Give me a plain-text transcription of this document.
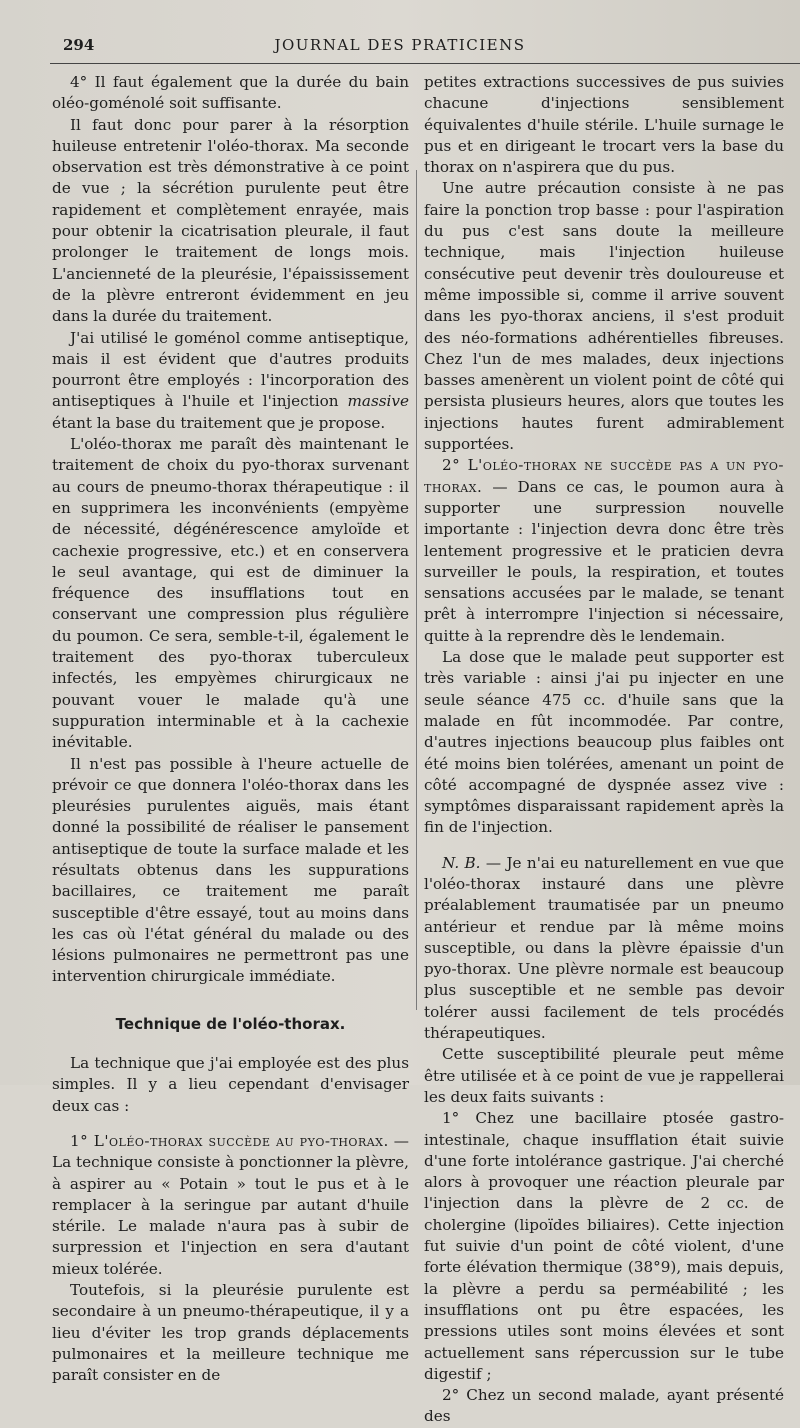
294	JOURNAL DES PRATICIENS

4° Il faut également que la durée du bain oléo-goménolé soit suffisante.

Il faut donc pour parer à la résorption huileuse entretenir l'oléo-thorax. Ma seconde observation est très démonstrative à ce point de vue ; la sécrétion purulente peut être rapidement et complètement enrayée, mais pour obtenir la cicatrisation pleurale, il faut prolonger le traitement de longs mois. L'ancienneté de la pleurésie, l'épaississement de la plèvre entreront évidemment en jeu dans la durée du traitement.

J'ai utilisé le goménol comme antiseptique, mais il est évident que d'autres produits pourront être employés : l'incorporation des antiseptiques à l'huile et l'injection massive étant la base du traitement que je propose.

L'oléo-thorax me paraît dès maintenant le traitement de choix du pyo-thorax survenant au cours de pneumo-thorax thérapeutique : il en supprimera les inconvénients (empyème de nécessité, dégénérescence amyloïde et cachexie progressive, etc.) et en conservera le seul avantage, qui est de diminuer la fréquence des insufflations tout en conservant une compression plus régulière du poumon. Ce sera, semble-t-il, également le traitement des pyo-thorax tuberculeux infectés, les empyèmes chirurgicaux ne pouvant vouer le malade qu'à une suppuration interminable et à la cachexie inévitable.

Il n'est pas possible à l'heure actuelle de prévoir ce que donnera l'oléo-thorax dans les pleurésies purulentes aiguës, mais étant donné la possibilité de réaliser le pansement antiseptique de toute la surface malade et les résultats obtenus dans les suppurations bacillaires, ce traitement me paraît susceptible d'être essayé, tout au moins dans les cas où l'état général du malade ou des lésions pulmonaires ne permettront pas une intervention chirurgicale immédiate.

Technique de l'oléo-thorax.

La technique que j'ai employée est des plus simples. Il y a lieu cependant d'envisager deux cas :

1° L'oléo-thorax succède au pyo-thorax. — La technique consiste à ponctionner la plèvre, à aspirer au « Potain » tout le pus et à le remplacer à la seringue par autant d'huile stérile. Le malade n'aura pas à subir de surpression et l'injection en sera d'autant mieux tolérée.

Toutefois, si la pleurésie purulente est secondaire à un pneumo-thérapeutique, il y a lieu d'éviter les trop grands déplacements pulmonaires et la meilleure technique me paraît consister en de

petites extractions successives de pus suivies chacune d'injections sensiblement équivalentes d'huile stérile. L'huile surnage le pus et en dirigeant le trocart vers la base du thorax on n'aspirera que du pus.

Une autre précaution consiste à ne pas faire la ponction trop basse : pour l'aspiration du pus c'est sans doute la meilleure technique, mais l'injection huileuse consécutive peut devenir très douloureuse et même impossible si, comme il arrive souvent dans les pyo-thorax anciens, il s'est produit des néo-formations adhérentielles fibreuses. Chez l'un de mes malades, deux injections basses amenèrent un violent point de côté qui persista plusieurs heures, alors que toutes les injections hautes furent admirablement supportées.

2° L'oléo-thorax ne succède pas a un pyo-thorax. — Dans ce cas, le poumon aura à supporter une surpression nouvelle importante : l'injection devra donc être très lentement progressive et le praticien devra surveiller le pouls, la respiration, et toutes sensations accusées par le malade, se tenant prêt à interrompre l'injection si nécessaire, quitte à la reprendre dès le lendemain.

La dose que le malade peut supporter est très variable : ainsi j'ai pu injecter en une seule séance 475 cc. d'huile sans que la malade en fût incommodée. Par contre, d'autres injections beaucoup plus faibles ont été moins bien tolérées, amenant un point de côté accompagné de dyspnée assez vive : symptômes disparaissant rapidement après la fin de l'injection.

N. B. — Je n'ai eu naturellement en vue que l'oléo-thorax instauré dans une plèvre préalablement traumatisée par un pneumo antérieur et rendue par là même moins susceptible, ou dans la plèvre épaissie d'un pyo-thorax. Une plèvre normale est beaucoup plus susceptible et ne semble pas devoir tolérer aussi facilement de tels procédés thérapeutiques.

Cette susceptibilité pleurale peut même être utilisée et à ce point de vue je rappellerai les deux faits suivants :

1° Chez une bacillaire ptosée gastro-intestinale, chaque insufflation était suivie d'une forte intolérance gastrique. J'ai cherché alors à provoquer une réaction pleurale par l'injection dans la plèvre de 2 cc. de cholergine (lipoïdes biliaires). Cette injection fut suivie d'un point de côté violent, d'une forte élévation thermique (38°9), mais depuis, la plèvre a perdu sa perméabilité ; les insufflations ont pu être espacées, les pressions utiles sont moins élevées et sont actuellement sans répercussion sur le tube digestif ;

2° Chez un second malade, ayant présenté des
